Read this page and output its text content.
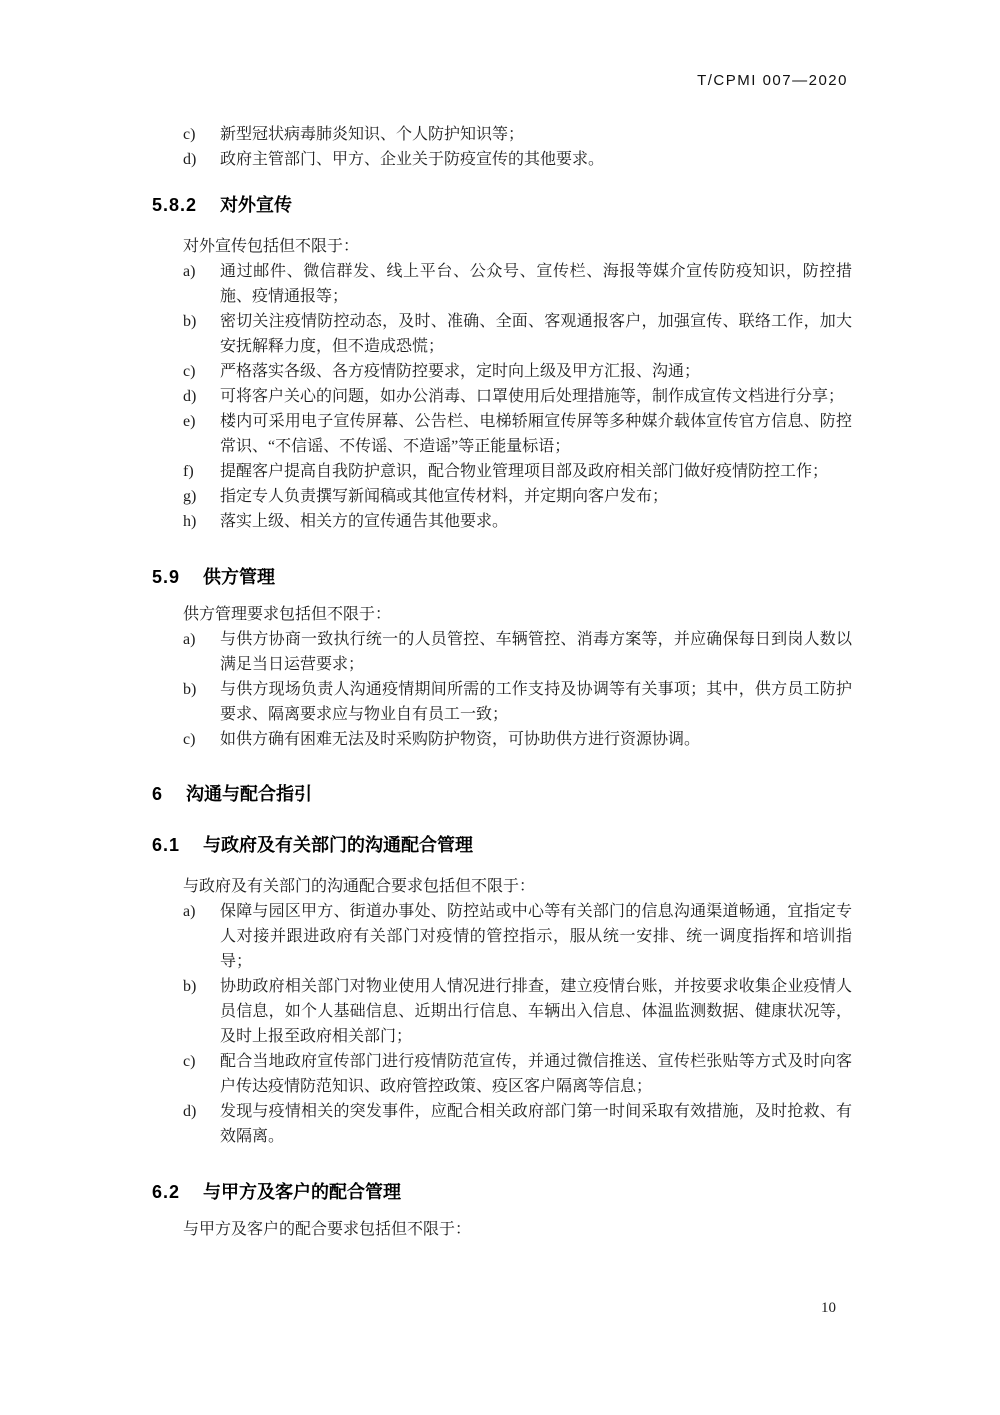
T/CPMI 007—2020
c)	新型冠状病毒肺炎知识、个人防护知识等；
d)	政府主管部门、甲方、企业关于防疫宣传的其他要求。
5.8.2 对外宣传

对外宣传包括但不限于：

a)	通过邮件、微信群发、线上平台、公众号、宣传栏、海报等媒介宣传防疫知识，防控措施、疫情通报等；
b)	密切关注疫情防控动态，及时、准确、全面、客观通报客户，加强宣传、联络工作，加大安抚解释力度，但不造成恐慌；
c)	严格落实各级、各方疫情防控要求，定时向上级及甲方汇报、沟通；
d)	可将客户关心的问题，如办公消毒、口罩使用后处理措施等，制作成宣传文档进行分享；
e)	楼内可采用电子宣传屏幕、公告栏、电梯轿厢宣传屏等多种媒介载体宣传官方信息、防控常识、“不信谣、不传谣、不造谣”等正能量标语；
f)	提醒客户提高自我防护意识，配合物业管理项目部及政府相关部门做好疫情防控工作；
g)	指定专人负责撰写新闻稿或其他宣传材料，并定期向客户发布；
h)	落实上级、相关方的宣传通告其他要求。
5.9 供方管理

供方管理要求包括但不限于：

a)	与供方协商一致执行统一的人员管控、车辆管控、消毒方案等，并应确保每日到岗人数以满足当日运营要求；
b)	与供方现场负责人沟通疫情期间所需的工作支持及协调等有关事项；其中，供方员工防护要求、隔离要求应与物业自有员工一致；
c)	如供方确有困难无法及时采购防护物资，可协助供方进行资源协调。
6 沟通与配合指引
6.1 与政府及有关部门的沟通配合管理

与政府及有关部门的沟通配合要求包括但不限于：

a)	保障与园区甲方、街道办事处、防控站或中心等有关部门的信息沟通渠道畅通，宜指定专人对接并跟进政府有关部门对疫情的管控指示，服从统一安排、统一调度指挥和培训指导；
b)	协助政府相关部门对物业使用人情况进行排查，建立疫情台账，并按要求收集企业疫情人员信息，如个人基础信息、近期出行信息、车辆出入信息、体温监测数据、健康状况等，及时上报至政府相关部门；
c)	配合当地政府宣传部门进行疫情防范宣传，并通过微信推送、宣传栏张贴等方式及时向客户传达疫情防范知识、政府管控政策、疫区客户隔离等信息；
d)	发现与疫情相关的突发事件，应配合相关政府部门第一时间采取有效措施，及时抢救、有效隔离。
6.2 与甲方及客户的配合管理

与甲方及客户的配合要求包括但不限于：

10
